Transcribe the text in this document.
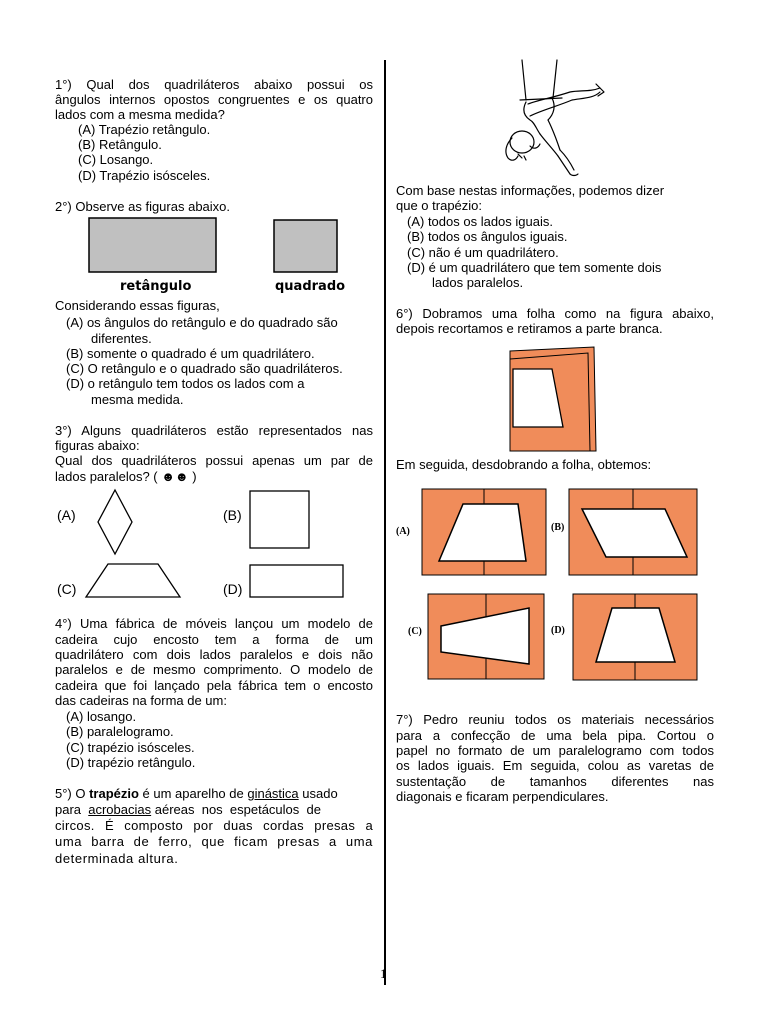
1°) Qual dos quadriláteros abaixo possui os
ângulos internos opostos congruentes e os quatro
lados com a mesma medida?
(A) Trapézio retângulo.
(B) Retângulo.
(C) Losango.
(D) Trapézio isósceles.
2°) Observe as figuras abaixo.
retângulo	quadrado
Considerando essas figuras,
(A) os ângulos do retângulo e do quadrado são
diferentes.
(B) somente o quadrado é um quadrilátero.
(C) O retângulo e o quadrado são quadriláteros.
(D) o retângulo tem todos os lados com a
mesma medida.
3°) Alguns quadriláteros estão representados nas
figuras abaixo:
Qual dos quadriláteros possui apenas um par de
lados paralelos? ( ☻☻ )
(A)	(B)
(C)	(D)
4°) Uma fábrica de móveis lançou um modelo de
cadeira cujo encosto tem a forma de um
quadrilátero com dois lados paralelos e dois não
paralelos e de mesmo comprimento. O modelo de
cadeira que foi lançado pela fábrica tem o encosto
das cadeiras na forma de um:
(A) losango.
(B) paralelogramo.
(C) trapézio isósceles.
(D) trapézio retângulo.
5°) O trapézio é um aparelho de ginástica usado
para  acrobacias aéreas  nos  espetáculos  de
circos. É composto por duas cordas presas a
uma barra de ferro, que ficam presas a uma
determinada altura.
1
Com base nestas informações, podemos dizer
que o trapézio:
(A) todos os lados iguais.
(B) todos os ângulos iguais.
(C) não é um quadrilátero.
(D) é um quadrilátero que tem somente dois
lados paralelos.
6°) Dobramos uma folha como na figura abaixo,
depois recortamos e retiramos a parte branca.
Em seguida, desdobrando a folha, obtemos:
(A)	(B)
(C)	(D)
7°) Pedro reuniu todos os materiais necessários
para a confecção de uma bela pipa. Cortou o
papel no formato de um paralelogramo com todos
os lados iguais. Em seguida, colou as varetas de
sustentação de tamanhos diferentes nas
diagonais e ficaram perpendiculares.
